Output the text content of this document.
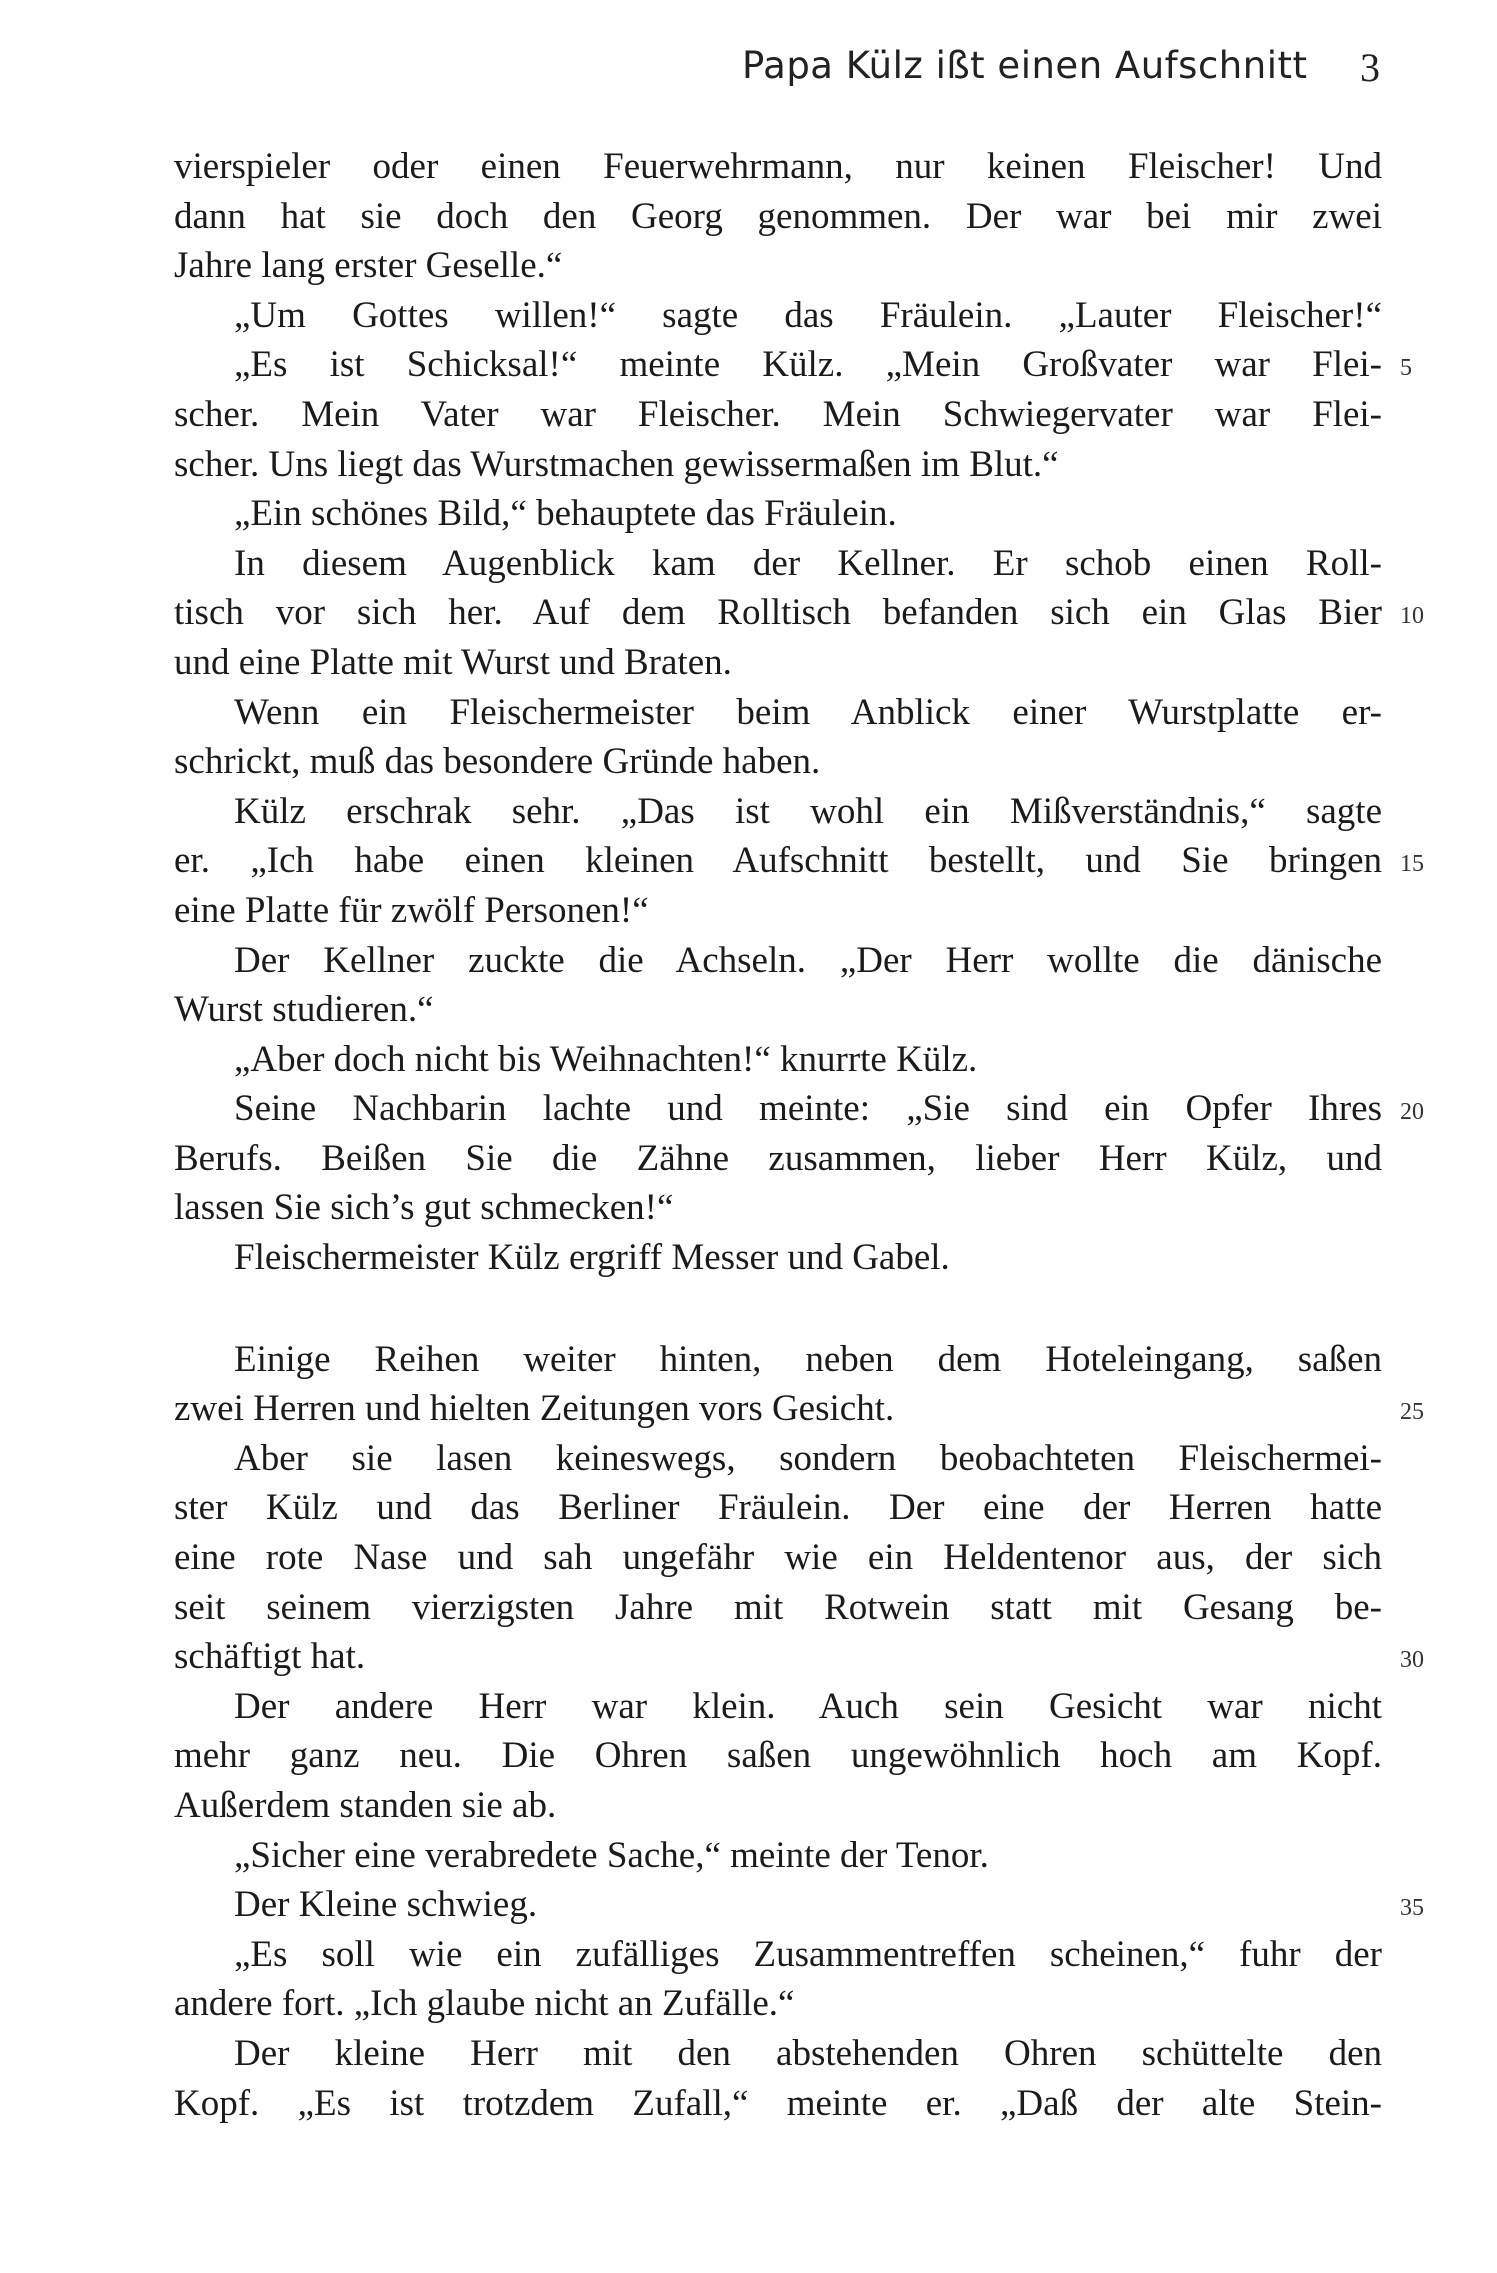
Papa Külz ißt einen Aufschnitt 3
vierspieler oder einen Feuerwehrmann, nur keinen Fleischer! Und
dann hat sie doch den Georg genommen. Der war bei mir zwei
Jahre lang erster Geselle.“
„Um Gottes willen!“ sagte das Fräulein. „Lauter Fleischer!“
„Es ist Schicksal!“ meinte Külz. „Mein Großvater war Flei- 5
scher. Mein Vater war Fleischer. Mein Schwiegervater war Flei-
scher. Uns liegt das Wurstmachen gewissermaßen im Blut.“
„Ein schönes Bild,“ behauptete das Fräulein.
In diesem Augenblick kam der Kellner. Er schob einen Roll-
tisch vor sich her. Auf dem Rolltisch befanden sich ein Glas Bier 10
und eine Platte mit Wurst und Braten.
Wenn ein Fleischermeister beim Anblick einer Wurstplatte er-
schrickt, muß das besondere Gründe haben.
Külz erschrak sehr. „Das ist wohl ein Mißverständnis,“ sagte
er. „Ich habe einen kleinen Aufschnitt bestellt, und Sie bringen 15
eine Platte für zwölf Personen!“
Der Kellner zuckte die Achseln. „Der Herr wollte die dänische
Wurst studieren.“
„Aber doch nicht bis Weihnachten!“ knurrte Külz.
Seine Nachbarin lachte und meinte: „Sie sind ein Opfer Ihres 20
Berufs. Beißen Sie die Zähne zusammen, lieber Herr Külz, und
lassen Sie sich’s gut schmecken!“
Fleischermeister Külz ergriff Messer und Gabel.
Einige Reihen weiter hinten, neben dem Hoteleingang, saßen
zwei Herren und hielten Zeitungen vors Gesicht.	25
Aber sie lasen keineswegs, sondern beobachteten Fleischermei-
ster Külz und das Berliner Fräulein. Der eine der Herren hatte
eine rote Nase und sah ungefähr wie ein Heldentenor aus, der sich
seit seinem vierzigsten Jahre mit Rotwein statt mit Gesang be-
schäftigt hat.	30
Der andere Herr war klein. Auch sein Gesicht war nicht
mehr ganz neu. Die Ohren saßen ungewöhnlich hoch am Kopf.
Außerdem standen sie ab.
„Sicher eine verabredete Sache,“ meinte der Tenor.
Der Kleine schwieg.	35
„Es soll wie ein zufälliges Zusammentreffen scheinen,“ fuhr der
andere fort. „Ich glaube nicht an Zufälle.“
Der kleine Herr mit den abstehenden Ohren schüttelte den
Kopf. „Es ist trotzdem Zufall,“ meinte er. „Daß der alte Stein-
